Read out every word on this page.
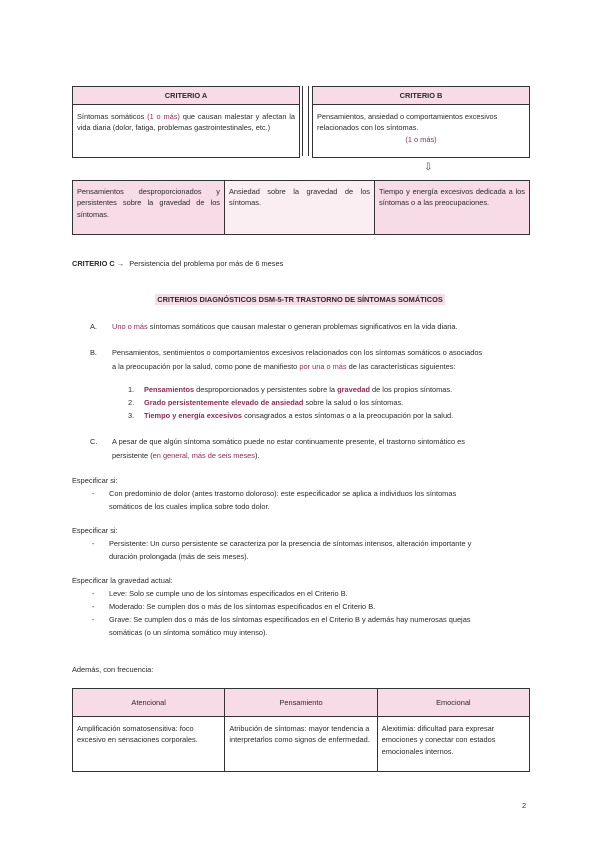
CRITERIO A
Síntomas somáticos (1 o más) que causan malestar y afectan la vida diaria (dolor, fatiga, problemas gastrointestinales, etc.)
CRITERIO B
Pensamientos, ansiedad o comportamientos excesivos relacionados con los síntomas.
(1 o más)
⇩
Pensamientos desproporcionados y persistentes sobre la gravedad de los síntomas.
Ansiedad sobre la gravedad de los síntomas.
Tiempo y energía excesivos dedicada a los síntomas o a las preocupaciones.
CRITERIO C → Persistencia del problema por más de 6 meses
CRITERIOS DIAGNÓSTICOS DSM-5-TR TRASTORNO DE SÍNTOMAS SOMÁTICOS
A. Uno o más síntomas somáticos que causan malestar o generan problemas significativos en la vida diaria.
B. Pensamientos, sentimientos o comportamientos excesivos relacionados con los síntomas somáticos o asociados
a la preocupación por la salud, como pone de manifiesto por una o más de las características siguientes:
1. Pensamientos desproporcionados y persistentes sobre la gravedad de los propios síntomas.
2. Grado persistentemente elevado de ansiedad sobre la salud o los síntomas.
3. Tiempo y energía excesivos consagrados a estos síntomas o a la preocupación por la salud.
C. A pesar de que algún síntoma somático puede no estar continuamente presente, el trastorno sintomático es
persistente (en general, más de seis meses).
Especificar si:
- Con predominio de dolor (antes trastorno doloroso): este especificador se aplica a individuos los síntomas
somáticos de los cuales implica sobre todo dolor.
Especificar si:
- Persistente: Un curso persistente se caracteriza por la presencia de síntomas intensos, alteración importante y
duración prolongada (más de seis meses).
Especificar la gravedad actual:
- Leve: Solo se cumple uno de los síntomas especificados en el Criterio B.
- Moderado: Se cumplen dos o más de los síntomas especificados en el Criterio B.
- Grave: Se cumplen dos o más de los síntomas especificados en el Criterio B y además hay numerosas quejas
somáticas (o un síntoma somático muy intenso).
Además, con frecuencia:
Atencional	Pensamiento	Emocional
Amplificación somatosensitiva: foco excesivo en sensaciones corporales.
Atribución de síntomas: mayor tendencia a interpretarlos como signos de enfermedad.
Alexitimia: dificultad para expresar emociones y conectar con estados emocionales internos.
2
